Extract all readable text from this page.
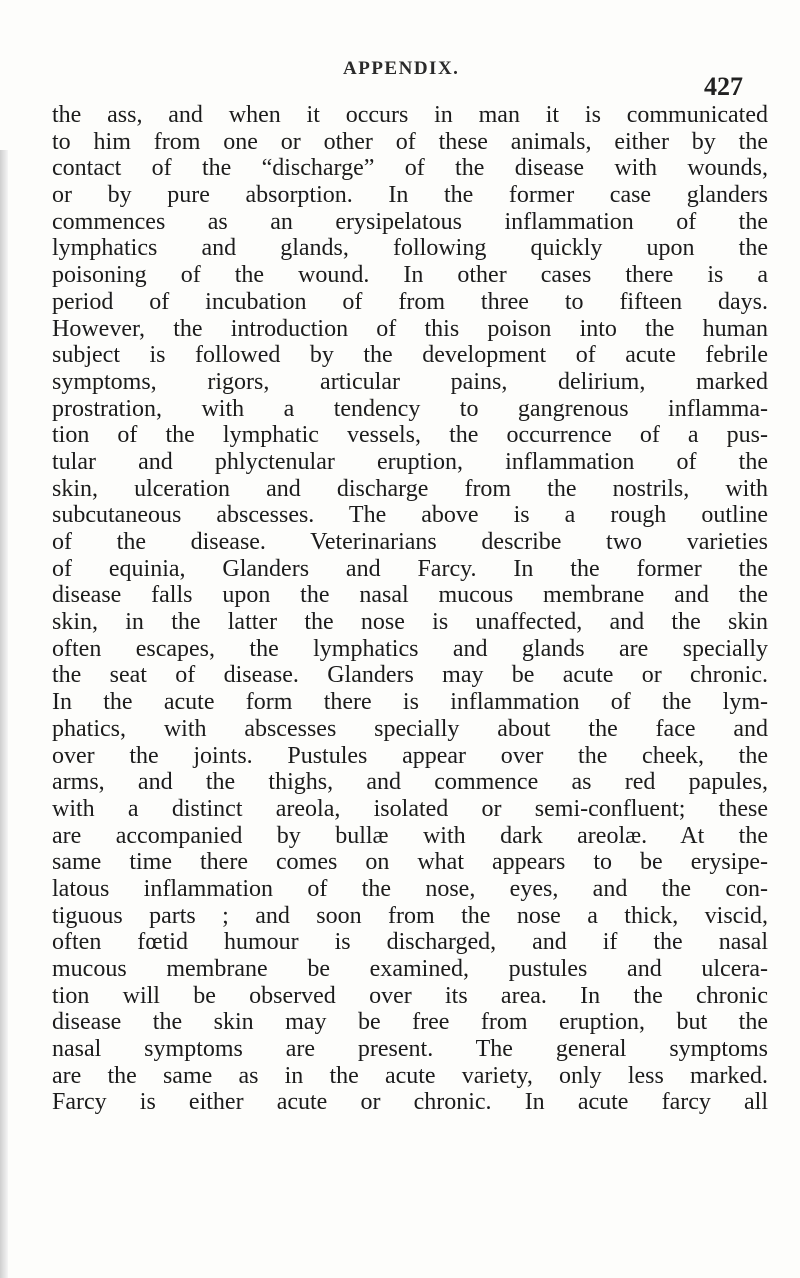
APPENDIX.
427
the ass, and when it occurs in man it is communicated
to him from one or other of these animals, either by the
contact of the “discharge” of the disease with wounds,
or by pure absorption. In the former case glanders
commences as an erysipelatous inflammation of the
lymphatics and glands, following quickly upon the
poisoning of the wound. In other cases there is a
period of incubation of from three to fifteen days.
However, the introduction of this poison into the human
subject is followed by the development of acute febrile
symptoms, rigors, articular pains, delirium, marked
prostration, with a tendency to gangrenous inflamma-
tion of the lymphatic vessels, the occurrence of a pus-
tular and phlyctenular eruption, inflammation of the
skin, ulceration and discharge from the nostrils, with
subcutaneous abscesses. The above is a rough outline
of the disease. Veterinarians describe two varieties
of equinia, Glanders and Farcy. In the former the
disease falls upon the nasal mucous membrane and the
skin, in the latter the nose is unaffected, and the skin
often escapes, the lymphatics and glands are specially
the seat of disease. Glanders may be acute or chronic.
In the acute form there is inflammation of the lym-
phatics, with abscesses specially about the face and
over the joints. Pustules appear over the cheek, the
arms, and the thighs, and commence as red papules,
with a distinct areola, isolated or semi-confluent; these
are accompanied by bullæ with dark areolæ. At the
same time there comes on what appears to be erysipe-
latous inflammation of the nose, eyes, and the con-
tiguous parts ; and soon from the nose a thick, viscid,
often fœtid humour is discharged, and if the nasal
mucous membrane be examined, pustules and ulcera-
tion will be observed over its area. In the chronic
disease the skin may be free from eruption, but the
nasal symptoms are present. The general symptoms
are the same as in the acute variety, only less marked.
Farcy is either acute or chronic. In acute farcy all
